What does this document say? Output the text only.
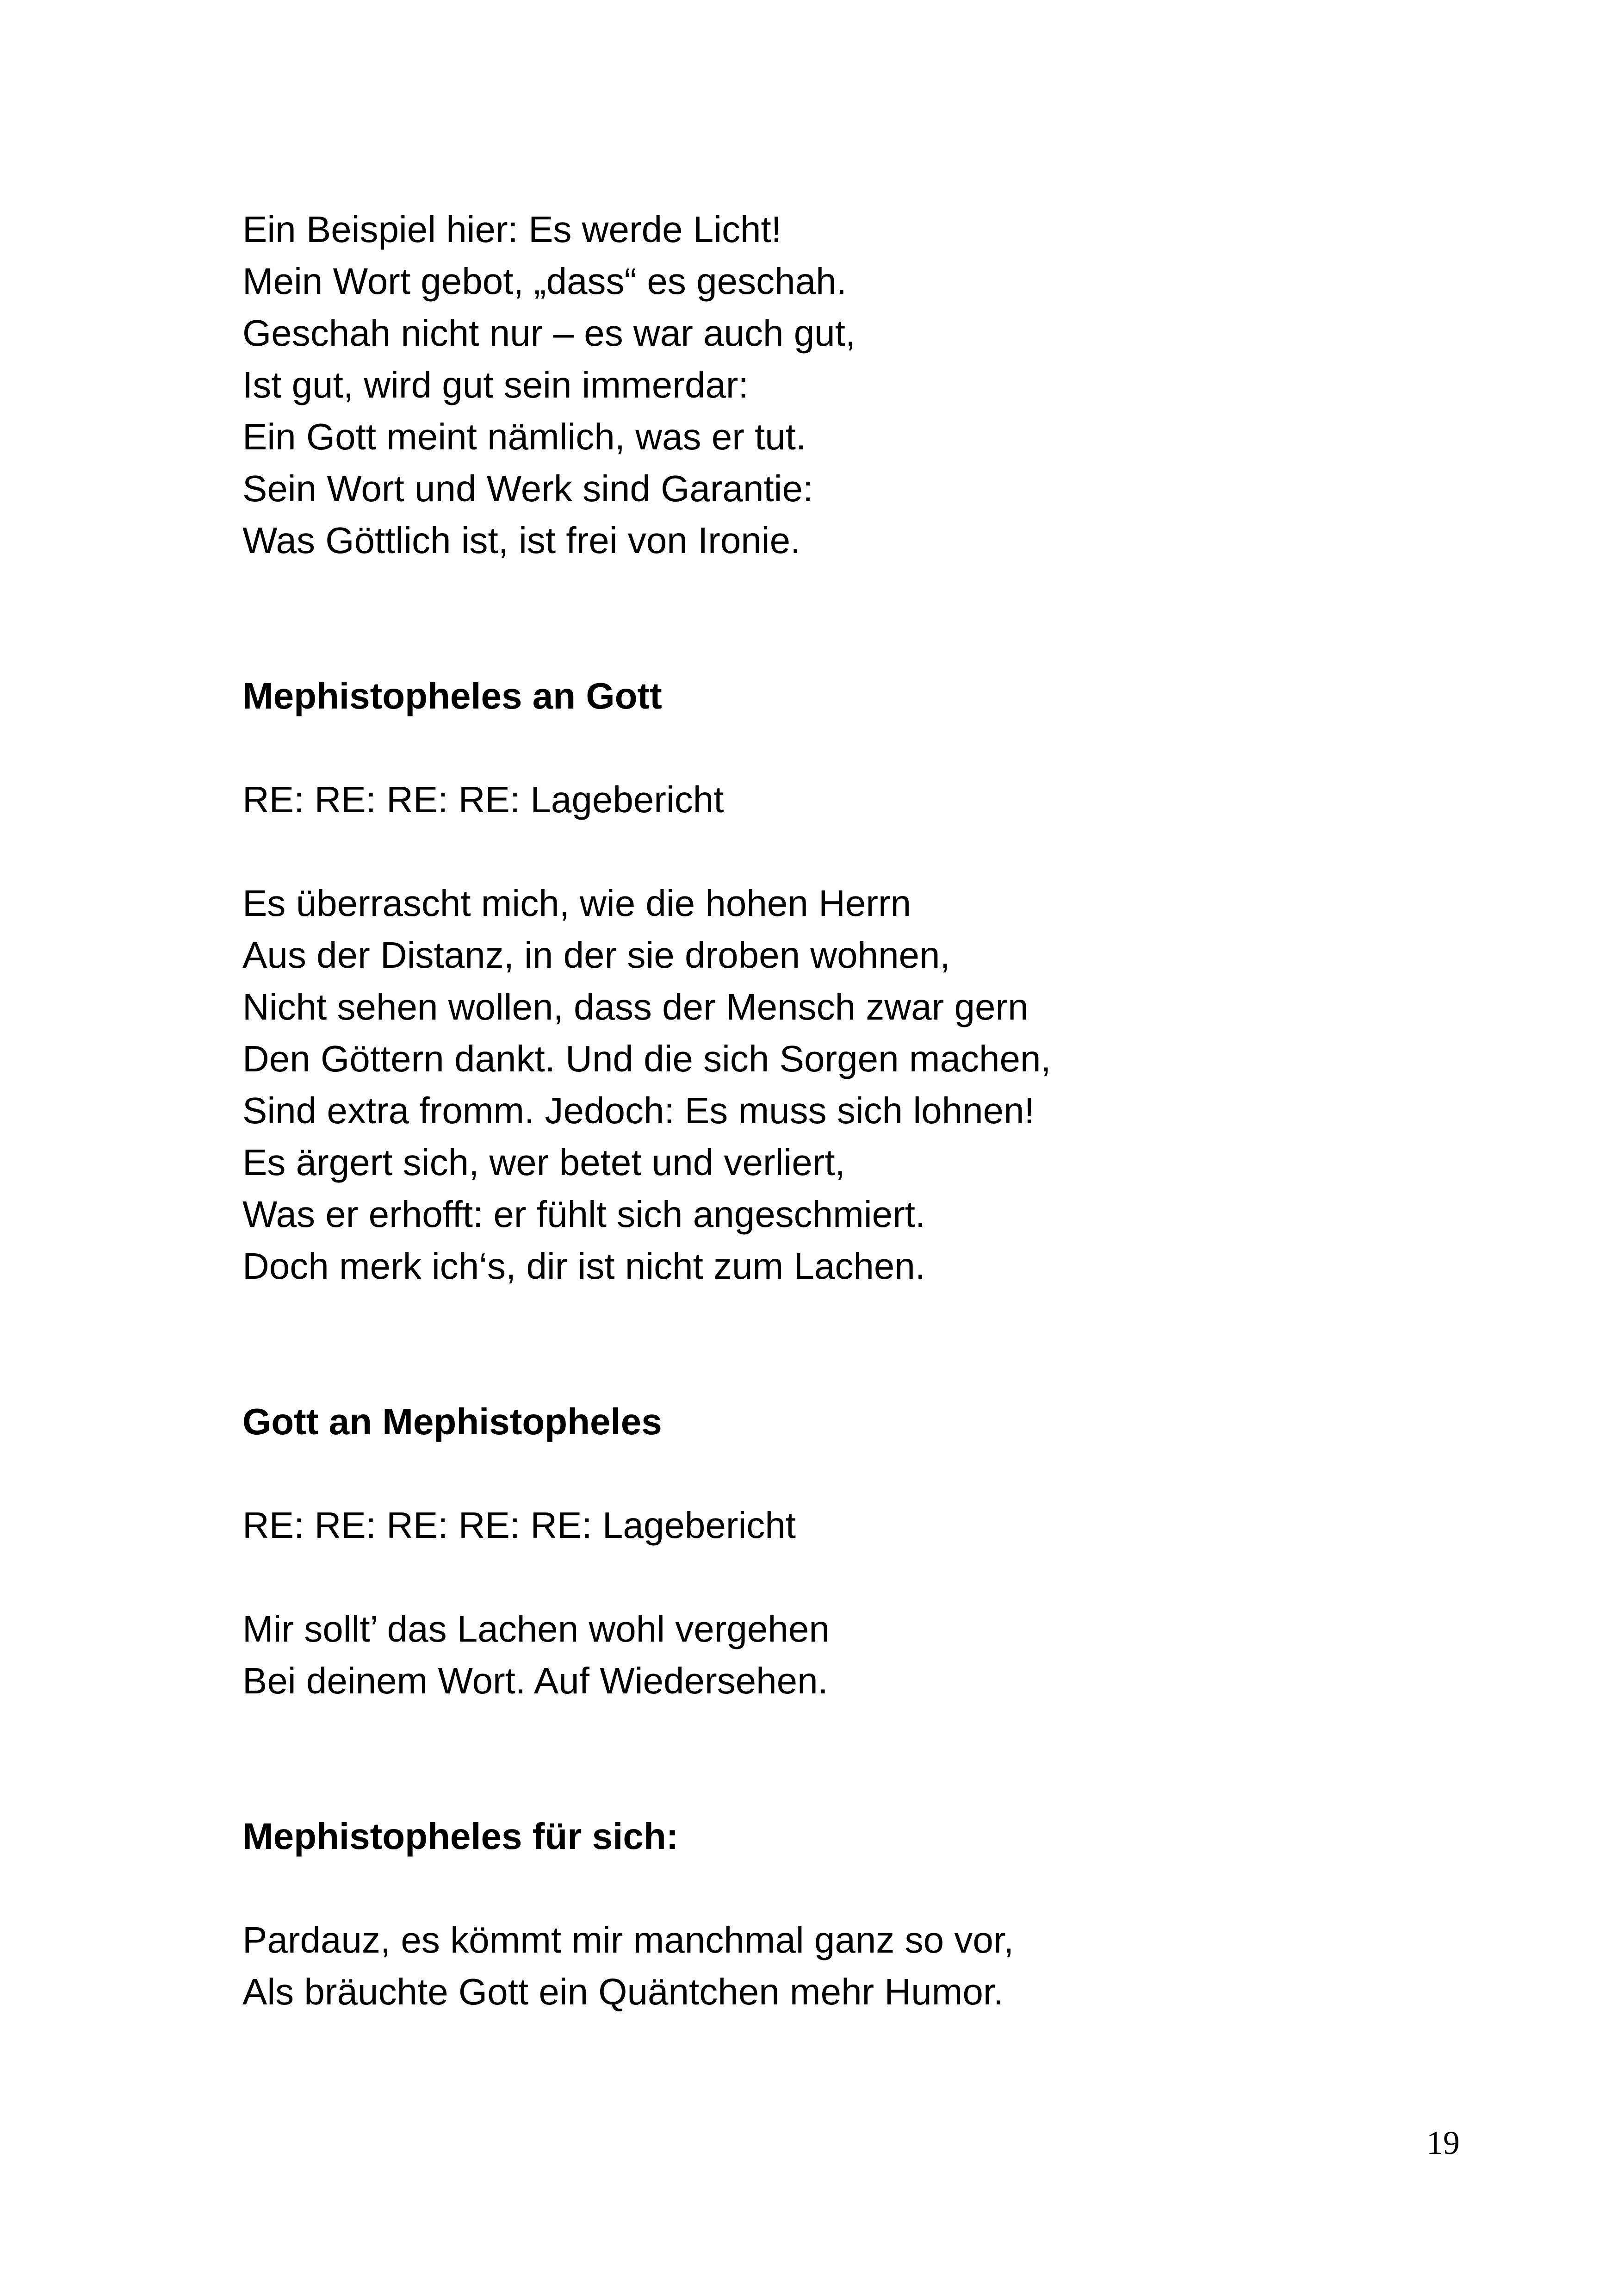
Ein Beispiel hier: Es werde Licht!
Mein Wort gebot, „dass“ es geschah.
Geschah nicht nur – es war auch gut,
Ist gut, wird gut sein immerdar:
Ein Gott meint nämlich, was er tut.
Sein Wort und Werk sind Garantie:
Was Göttlich ist, ist frei von Ironie.
Mephistopheles an Gott
RE: RE: RE: RE: Lagebericht
Es überrascht mich, wie die hohen Herrn
Aus der Distanz, in der sie droben wohnen,
Nicht sehen wollen, dass der Mensch zwar gern
Den Göttern dankt. Und die sich Sorgen machen,
Sind extra fromm. Jedoch: Es muss sich lohnen!
Es ärgert sich, wer betet und verliert,
Was er erhofft: er fühlt sich angeschmiert.
Doch merk ich‘s, dir ist nicht zum Lachen.
Gott an Mephistopheles
RE: RE: RE: RE: RE: Lagebericht
Mir sollt’ das Lachen wohl vergehen
Bei deinem Wort. Auf Wiedersehen.
Mephistopheles für sich:
Pardauz, es kömmt mir manchmal ganz so vor,
Als bräuchte Gott ein Quäntchen mehr Humor.
19
